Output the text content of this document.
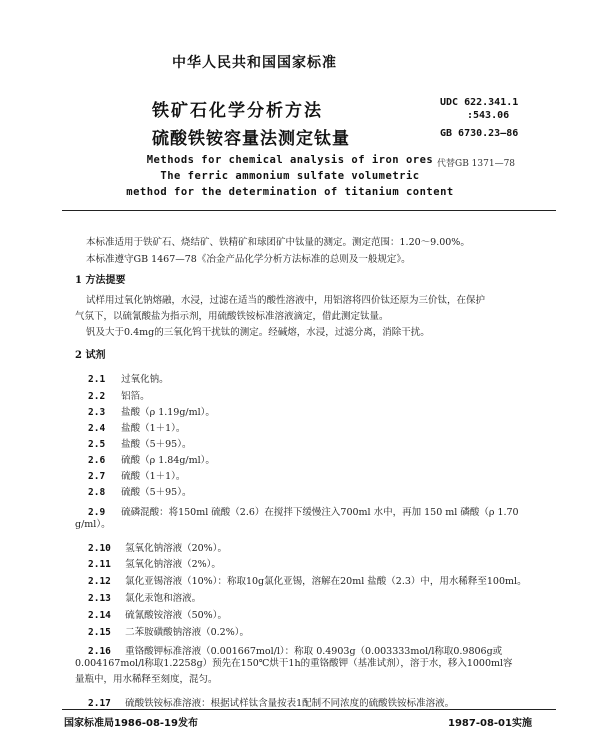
中华人民共和国国家标准
铁矿石化学分析方法
硫酸铁铵容量法测定钛量
UDC 622.341.1
:543.06
GB 6730.23—86
代替GB 1371—78
Methods for chemical analysis of iron ores
The ferric ammonium sulfate volumetric
method for the determination of titanium content
本标准适用于铁矿石、烧结矿、铁精矿和球团矿中钛量的测定。测定范围：1.20～9.00%。
本标准遵守GB 1467—78《冶金产品化学分析方法标准的总则及一般规定》。
1 方法提要
试样用过氧化钠熔融，水浸，过滤在适当的酸性溶液中，用铝溶将四价钛还原为三价钛，在保护
气氛下，以硫氰酸盐为指示剂，用硫酸铁铵标准溶液滴定，借此测定钛量。
钒及大于0.4mg的三氧化钨干扰钛的测定。经碱熔，水浸，过滤分离，消除干扰。
2 试剂
2.1 过氧化钠。
2.2 铝箔。
2.3 盐酸（ρ 1.19g/ml）。
2.4 盐酸（1＋1）。
2.5 盐酸（5＋95）。
2.6 硫酸（ρ 1.84g/ml）。
2.7 硫酸（1＋1）。
2.8 硫酸（5＋95）。
2.9 硫磷混酸：将150ml 硫酸（2.6）在搅拌下缓慢注入700ml 水中，再加 150 ml 磷酸（ρ 1.70
g/ml）。
2.10 氢氧化钠溶液（20%）。
2.11 氢氧化钠溶液（2%）。
2.12 氯化亚锡溶液（10%）：称取10g氯化亚锡，溶解在20ml 盐酸（2.3）中，用水稀释至100ml。
2.13 氯化汞饱和溶液。
2.14 硫氰酸铵溶液（50%）。
2.15 二苯胺磺酸钠溶液（0.2%）。
2.16 重铬酸钾标准溶液（0.001667mol/l）：称取 0.4903g（0.003333mol/l称取0.9806g或
0.004167mol/l称取1.2258g）预先在150℃烘干1h的重铬酸钾（基准试剂），溶于水，移入1000ml容
量瓶中，用水稀释至刻度，混匀。
2.17 硫酸铁铵标准溶液：根据试样钛含量按表1配制不同浓度的硫酸铁铵标准溶液。
国家标准局1986-08-19发布	1987-08-01实施
